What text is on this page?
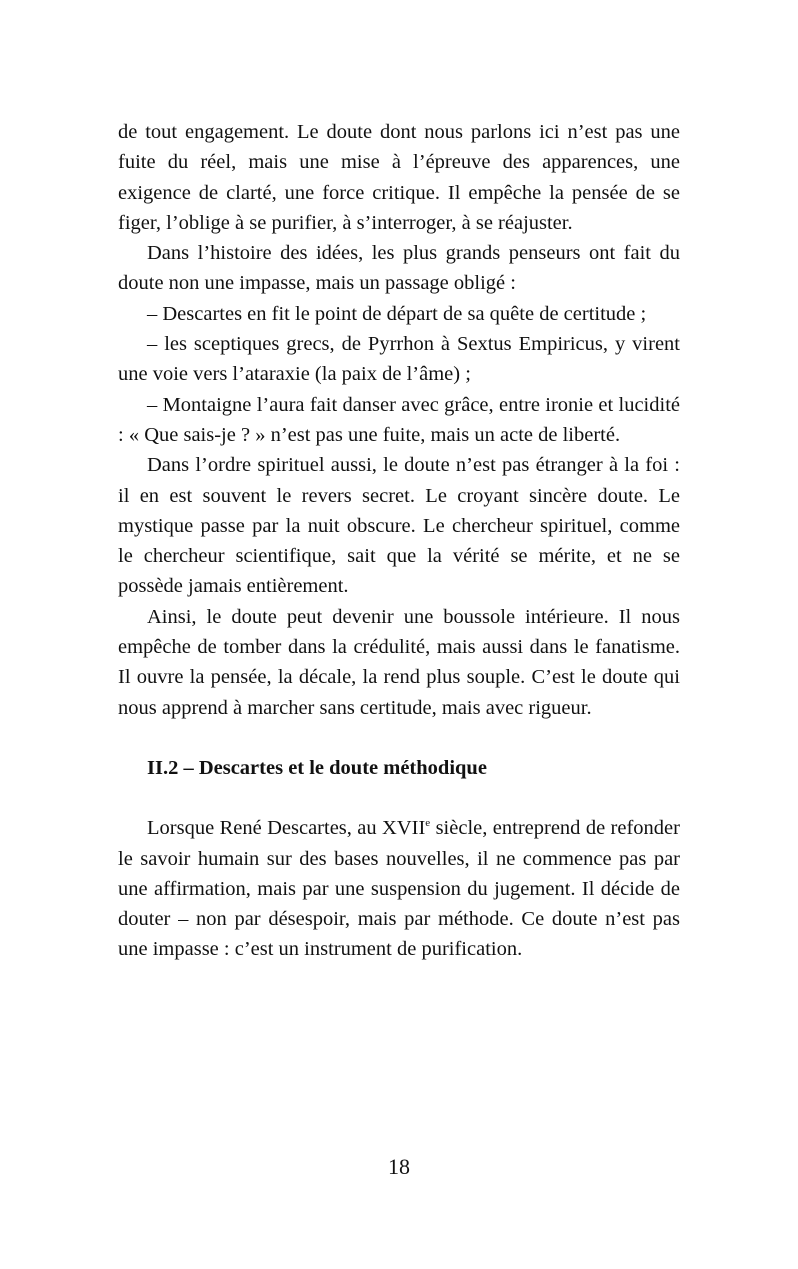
de tout engagement. Le doute dont nous parlons ici n’est pas une fuite du réel, mais une mise à l’épreuve des apparences, une exigence de clarté, une force critique. Il empêche la pensée de se figer, l’oblige à se purifier, à s’interroger, à se réajuster.

Dans l’histoire des idées, les plus grands penseurs ont fait du doute non une impasse, mais un passage obligé :

– Descartes en fit le point de départ de sa quête de certitude ;

– les sceptiques grecs, de Pyrrhon à Sextus Empiricus, y virent une voie vers l’ataraxie (la paix de l’âme) ;

– Montaigne l’aura fait danser avec grâce, entre ironie et lucidité : « Que sais-je ? » n’est pas une fuite, mais un acte de liberté.

Dans l’ordre spirituel aussi, le doute n’est pas étranger à la foi : il en est souvent le revers secret. Le croyant sincère doute. Le mystique passe par la nuit obscure. Le chercheur spirituel, comme le chercheur scientifique, sait que la vérité se mérite, et ne se possède jamais entièrement.

Ainsi, le doute peut devenir une boussole intérieure. Il nous empêche de tomber dans la crédulité, mais aussi dans le fanatisme. Il ouvre la pensée, la décale, la rend plus souple. C’est le doute qui nous apprend à marcher sans certitude, mais avec rigueur.

II.2 – Descartes et le doute méthodique

Lorsque René Descartes, au XVIIe siècle, entreprend de refonder le savoir humain sur des bases nouvelles, il ne commence pas par une affirmation, mais par une suspension du jugement. Il décide de douter – non par désespoir, mais par méthode. Ce doute n’est pas une impasse : c’est un instrument de purification.

18
